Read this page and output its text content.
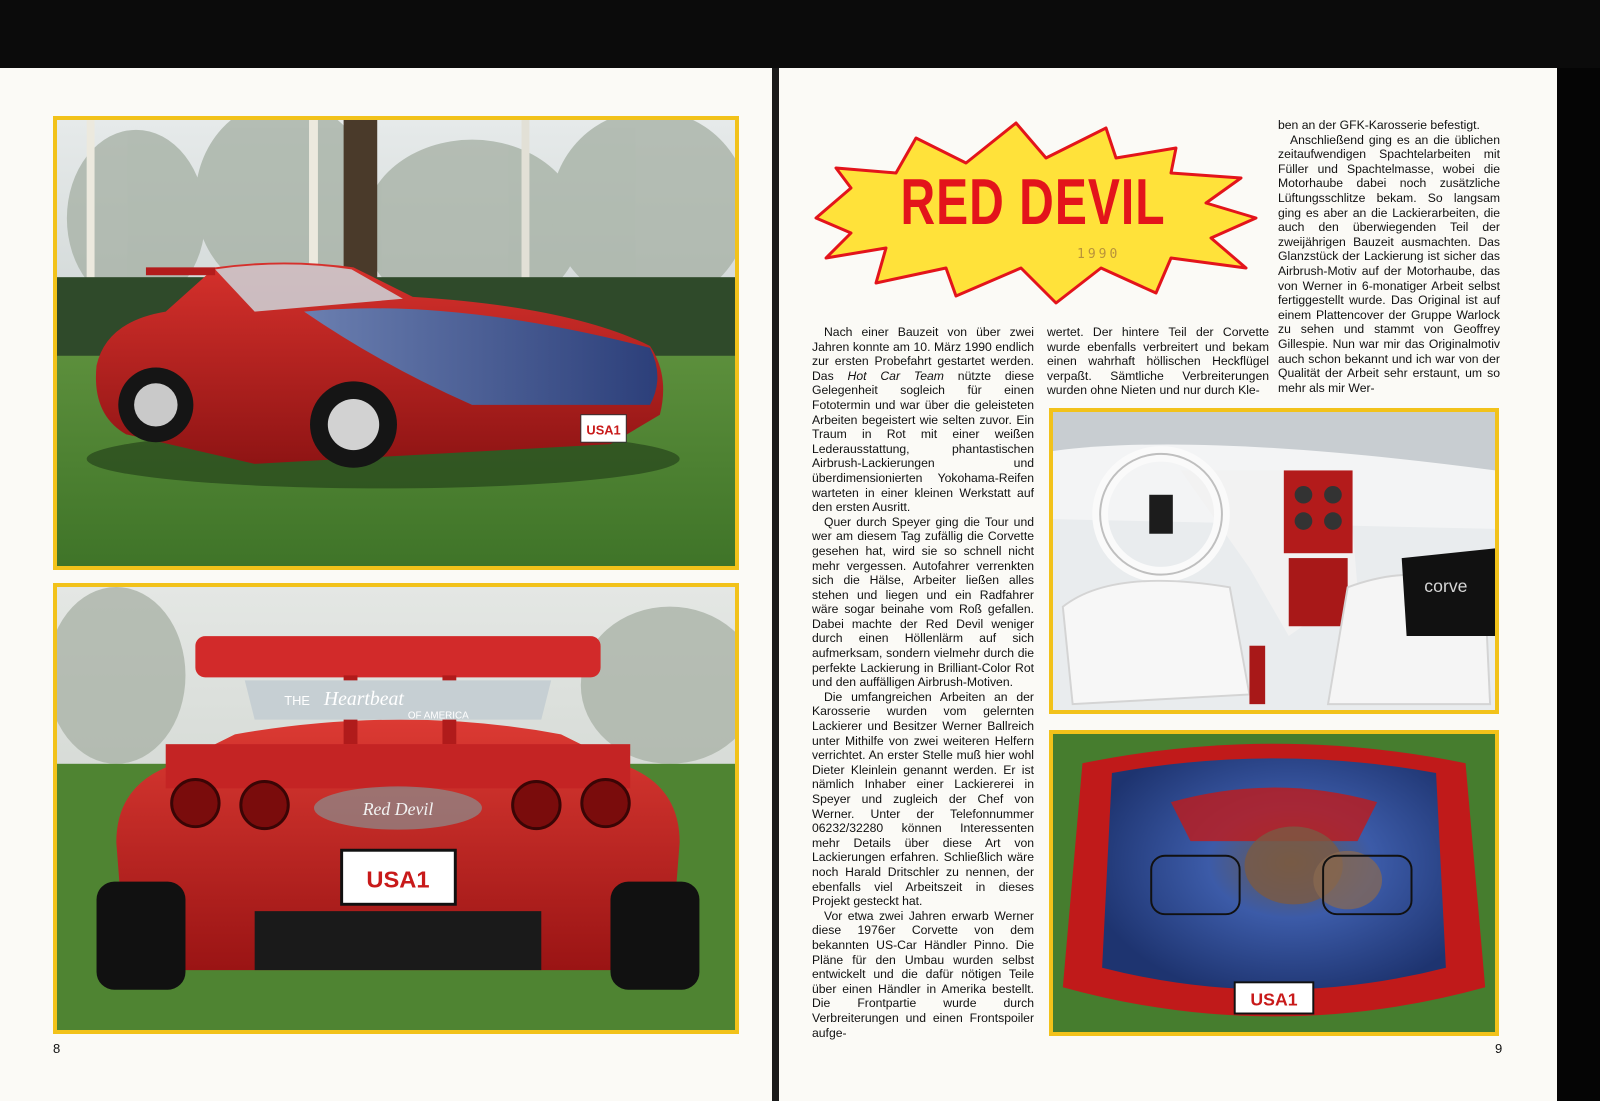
USA1
THE Heartbeat
OF AMERICA
Red Devil
USA1
8
RED DEVIL
1990

Nach einer Bauzeit von über zwei Jahren konnte am 10. März 1990 endlich zur ersten Probefahrt gestartet werden. Das Hot Car Team nützte diese Gelegenheit sogleich für einen Fototermin und war über die geleisteten Arbeiten begeistert wie selten zuvor. Ein Traum in Rot mit einer weißen Lederausstattung, phantastischen Airbrush-Lackierungen und überdimensionierten Yokohama-Reifen warteten in einer kleinen Werkstatt auf den ersten Ausritt.

Quer durch Speyer ging die Tour und wer am diesem Tag zufällig die Corvette gesehen hat, wird sie so schnell nicht mehr vergessen. Autofahrer verrenkten sich die Hälse, Arbeiter ließen alles stehen und liegen und ein Radfahrer wäre sogar beinahe vom Roß gefallen. Dabei machte der Red Devil weniger durch einen Höllenlärm auf sich aufmerksam, sondern vielmehr durch die perfekte Lackierung in Brilliant-Color Rot und den auffälligen Airbrush-Motiven.

Die umfangreichen Arbeiten an der Karosserie wurden vom gelernten Lackierer und Besitzer Werner Ballreich unter Mithilfe von zwei weiteren Helfern verrichtet. An erster Stelle muß hier wohl Dieter Kleinlein genannt werden. Er ist nämlich Inhaber einer Lackiererei in Speyer und zugleich der Chef von Werner. Unter der Telefonnummer 06232/32280 können Interessenten mehr Details über diese Art von Lackierungen erfahren. Schließlich wäre noch Harald Dritschler zu nennen, der ebenfalls viel Arbeitszeit in dieses Projekt gesteckt hat.

Vor etwa zwei Jahren erwarb Werner diese 1976er Corvette von dem bekannten US-Car Händler Pinno. Die Pläne für den Umbau wurden selbst entwickelt und die dafür nötigen Teile über einen Händler in Amerika bestellt. Die Frontpartie wurde durch Verbreiterungen und einen Frontspoiler aufge-

wertet. Der hintere Teil der Corvette wurde ebenfalls verbreitert und bekam einen wahrhaft höllischen Heckflügel verpaßt. Sämtliche Verbreiterungen wurden ohne Nieten und nur durch Kle-

ben an der GFK-Karosserie befestigt.

Anschließend ging es an die üblichen zeitaufwendigen Spachtelarbeiten mit Füller und Spachtelmasse, wobei die Motorhaube dabei noch zusätzliche Lüftungsschlitze bekam. So langsam ging es aber an die Lackierarbeiten, die auch den überwiegenden Teil der zweijährigen Bauzeit ausmachten. Das Glanzstück der Lackierung ist sicher das Airbrush-Motiv auf der Motorhaube, das von Werner in 6-monatiger Arbeit selbst fertiggestellt wurde. Das Original ist auf einem Plattencover der Gruppe Warlock zu sehen und stammt von Geoffrey Gillespie. Nun war mir das Originalmotiv auch schon bekannt und ich war von der Qualität der Arbeit sehr erstaunt, um so mehr als mir Wer-

corve
USA1
9
